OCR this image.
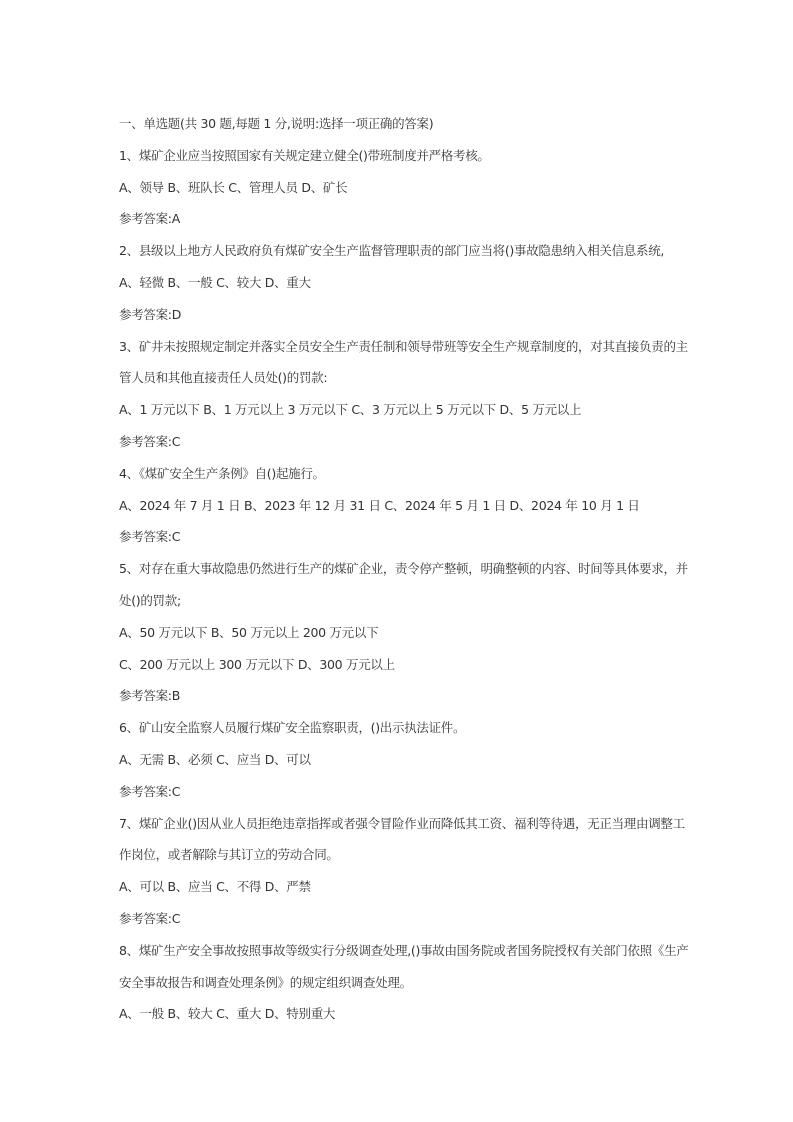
一、单选题(共 30 题,每题 1 分,说明:选择一项正确的答案)
1、煤矿企业应当按照国家有关规定建立健全()带班制度并严格考核。
A、领导 B、班队长 C、管理人员 D、矿长
参考答案:A
2、县级以上地方人民政府负有煤矿安全生产监督管理职责的部门应当将()事故隐患纳入相关信息系统,
A、轻微 B、一般 C、较大 D、重大
参考答案:D
3、矿井未按照规定制定并落实全员安全生产责任制和领导带班等安全生产规章制度的，对其直接负责的主
管人员和其他直接责任人员处()的罚款:
A、1 万元以下 B、1 万元以上 3 万元以下 C、3 万元以上 5 万元以下 D、5 万元以上
参考答案:C
4、《煤矿安全生产条例》自()起施行。
A、2024 年 7 月 1 日 B、2023 年 12 月 31 日 C、2024 年 5 月 1 日 D、2024 年 10 月 1 日
参考答案:C
5、对存在重大事故隐患仍然进行生产的煤矿企业，责令停产整顿，明确整顿的内容、时间等具体要求，并
处()的罚款;
A、50 万元以下 B、50 万元以上 200 万元以下
C、200 万元以上 300 万元以下 D、300 万元以上
参考答案:B
6、矿山安全监察人员履行煤矿安全监察职责，()出示执法证件。
A、无需 B、必须 C、应当 D、可以
参考答案:C
7、煤矿企业()因从业人员拒绝违章指挥或者强令冒险作业而降低其工资、福利等待遇，无正当理由调整工
作岗位，或者解除与其订立的劳动合同。
A、可以 B、应当 C、不得 D、严禁
参考答案:C
8、煤矿生产安全事故按照事故等级实行分级调查处理,()事故由国务院或者国务院授权有关部门依照《生产
安全事故报告和调查处理条例》的规定组织调查处理。
A、一般 B、较大 C、重大 D、特别重大
